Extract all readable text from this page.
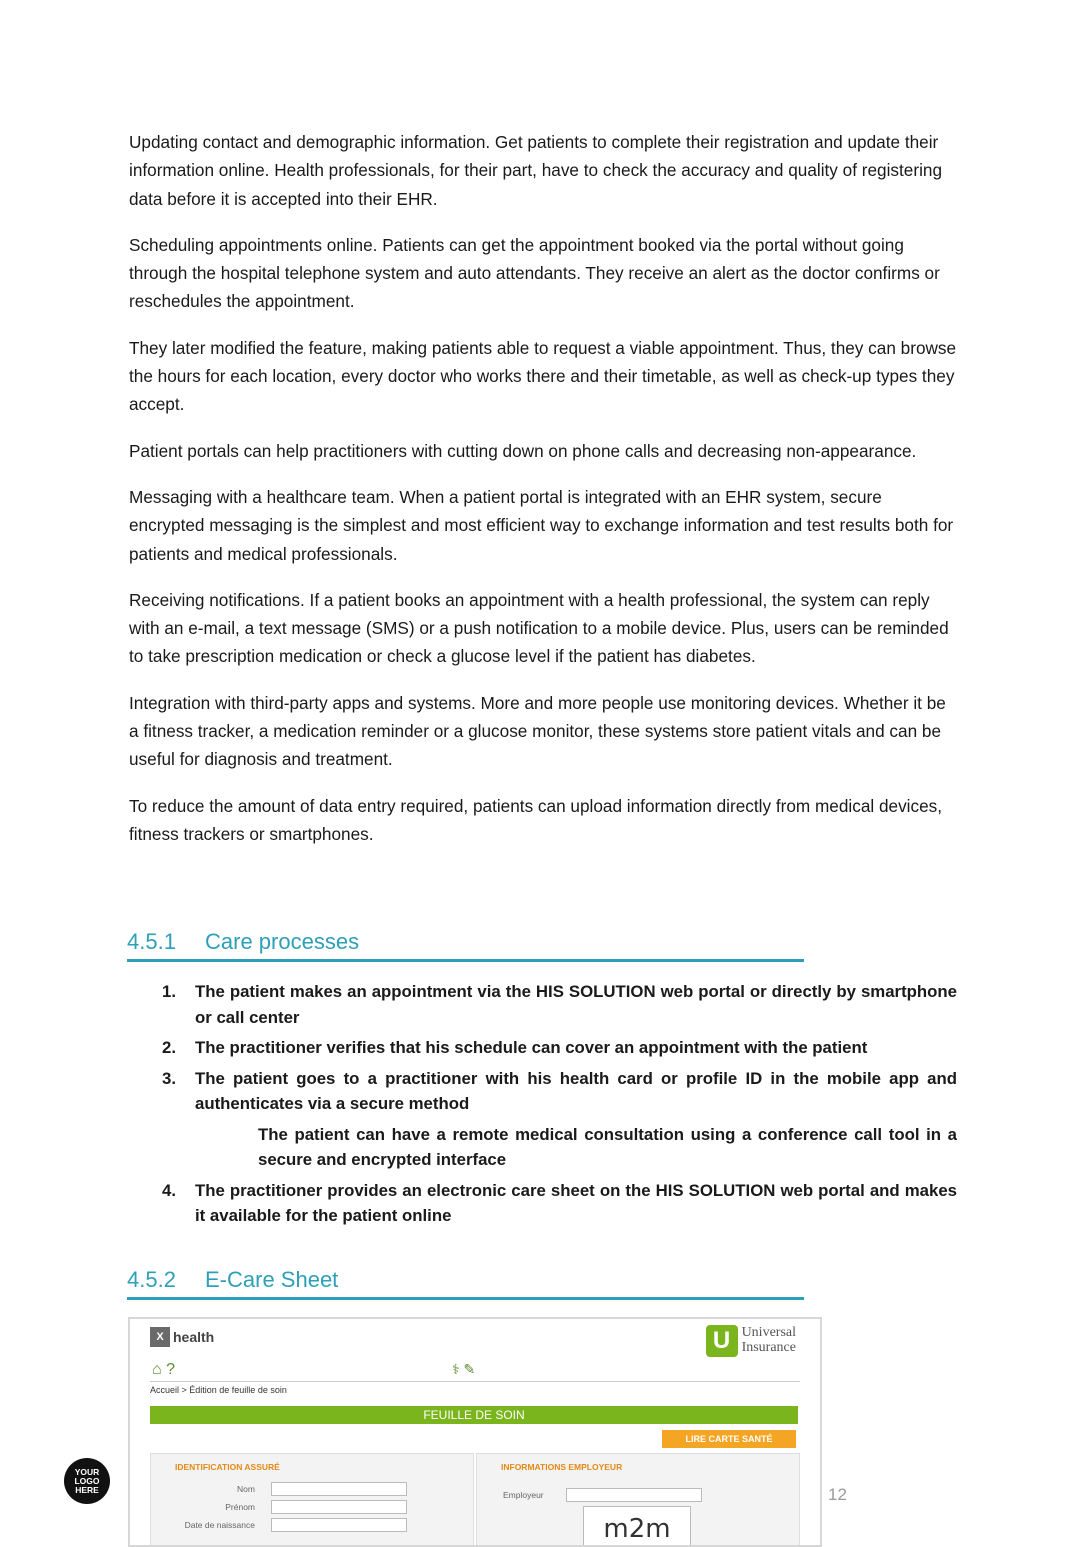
Updating contact and demographic information. Get patients to complete their registration and update their information online. Health professionals, for their part, have to check the accuracy and quality of registering data before it is accepted into their EHR.

Scheduling appointments online. Patients can get the appointment booked via the portal without going through the hospital telephone system and auto attendants. They receive an alert as the doctor confirms or reschedules the appointment.

They later modified the feature, making patients able to request a viable appointment. Thus, they can browse the hours for each location, every doctor who works there and their timetable, as well as check-up types they accept.

Patient portals can help practitioners with cutting down on phone calls and decreasing non-appearance.

Messaging with a healthcare team. When a patient portal is integrated with an EHR system, secure encrypted messaging is the simplest and most efficient way to exchange information and test results both for patients and medical professionals.

Receiving notifications. If a patient books an appointment with a health professional, the system can reply with an e-mail, a text message (SMS) or a push notification to a mobile device. Plus, users can be reminded to take prescription medication or check a glucose level if the patient has diabetes.

Integration with third-party apps and systems. More and more people use monitoring devices. Whether it be a fitness tracker, a medication reminder or a glucose monitor, these systems store patient vitals and can be useful for diagnosis and treatment.

To reduce the amount of data entry required, patients can upload information directly from medical devices, fitness trackers or smartphones.

4.5.1 Care processes
1.	The patient makes an appointment via the HIS SOLUTION web portal or directly by smartphone or call center
2.	The practitioner verifies that his schedule can cover an appointment with the patient
3.	The patient goes to a practitioner with his health card or profile ID in the mobile app and authenticates via a secure method
The patient can have a remote medical consultation using a conference call tool in a secure and encrypted interface
4.	The practitioner provides an electronic care sheet on the HIS SOLUTION web portal and makes it available for the patient online
4.5.2 E-Care Sheet
X health	U Universal
Insurance
⌂ ?	⚕ ✎
Accueil > Édition de feuille de soin
FEUILLE DE SOIN
LIRE CARTE SANTÉ
IDENTIFICATION ASSURÉ
Nom
Prénom
Date de naissance
INFORMATIONS EMPLOYEUR
Employeur
m2m
YOUR
LOGO
HERE	12
